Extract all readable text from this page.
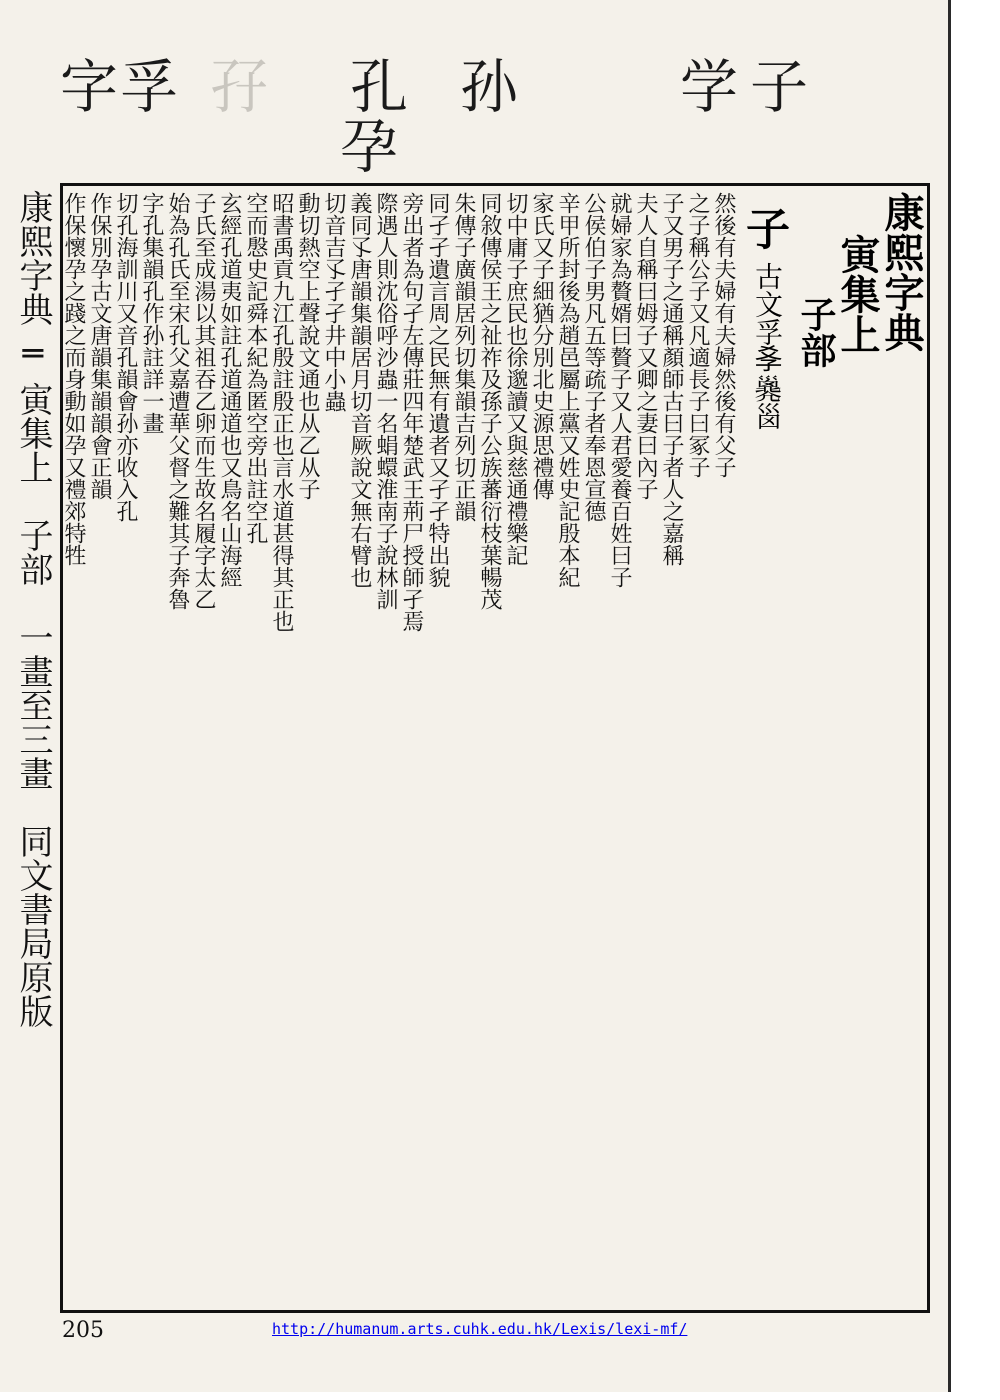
字 孚 孖 孔
孕
孙	学 子
康熙字典
寅集上
子部
子
古文孚𡥈𢀇𡿺
然後有夫婦有夫婦然後有父子
之子稱公子又凡適長子曰冢子
子又男子之通稱顏師古曰子者人之嘉稱
夫人自稱曰姆子又卿之妻曰內子
就婦家為贅婿曰贅子又人君愛養百姓曰子
公侯伯子男凡五等疏子者奉恩宣德
辛甲所封後為趙邑屬上黨又姓史記殷本紀
家氏又子細猶分別北史源思禮傳
切中庸子庶民也徐邈讀又與慈通禮樂記
同敘傳侯王之祉祚及孫子公族蕃衍枝葉暢茂
朱傳子廣韻居列切集韻吉列切正韻
同孑孑遺言周之民無有遺者又孑孑特出貌
旁出者為句孑左傳莊四年楚武王荊尸授師孑焉
際遇人則沈俗呼沙蟲一名蜎蠉淮南子說林訓
義同孓唐韻集韻居月切音厥說文無右臂也
切音吉孓孑孑井中小蟲
動切熱空上聲說文通也从乙从子
昭書禹貢九江孔殷註殷正也言水道甚得其正也
空而慇史記舜本紀為匿空旁出註空孔
玄經孔道夷如註孔道通道也又鳥名山海經
子氏至成湯以其祖吞乙卵而生故名履字太乙
始為孔氏至宋孔父嘉遭華父督之難其子奔魯
字孔集韻孔作孙註詳一畫
切孔海訓川又音孔韻會孙亦收入孔
作保別孕古文唐韻集韻韻會正韻
作保懷孕之踐之而身動如孕又禮郊特牲
康熙字典═寅集上　子部　一畫至三畫　同文書局原版
205	http://humanum.arts.cuhk.edu.hk/Lexis/lexi-mf/
